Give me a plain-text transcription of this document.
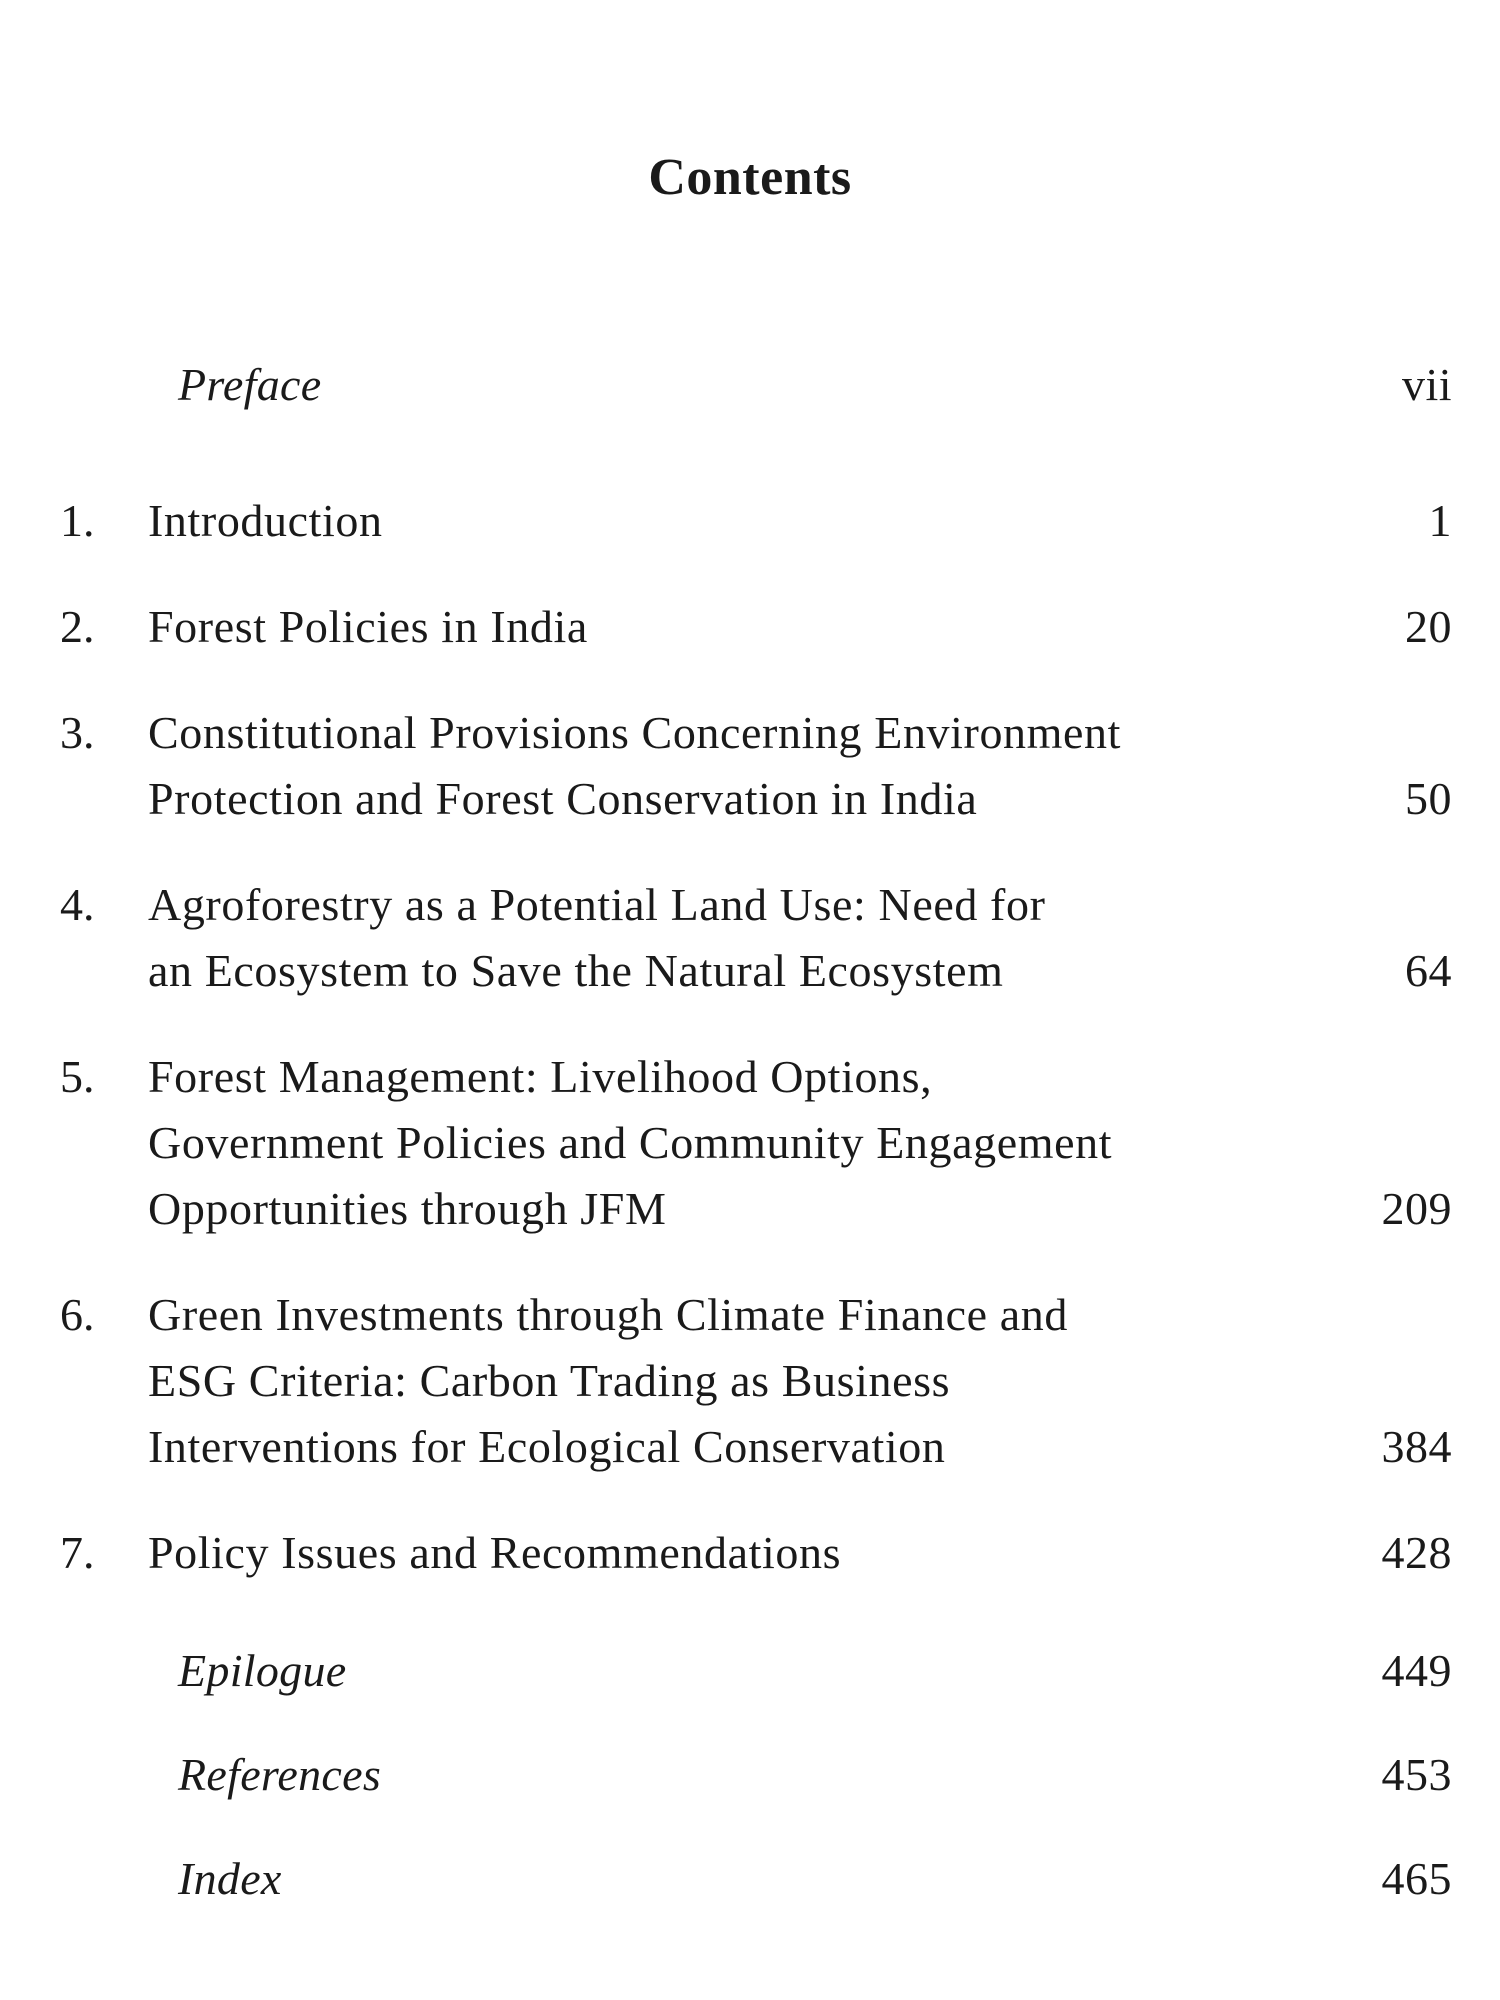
Contents
Preface	vii
1. Introduction	1
2. Forest Policies in India	20
3. Constitutional Provisions Concerning Environment
Protection and Forest Conservation in India	50
4. Agroforestry as a Potential Land Use: Need for
an Ecosystem to Save the Natural Ecosystem	64
5. Forest Management: Livelihood Options,
Government Policies and Community Engagement
Opportunities through JFM	209
6. Green Investments through Climate Finance and
ESG Criteria: Carbon Trading as Business
Interventions for Ecological Conservation	384
7. Policy Issues and Recommendations	428
Epilogue	449
References	453
Index	465
